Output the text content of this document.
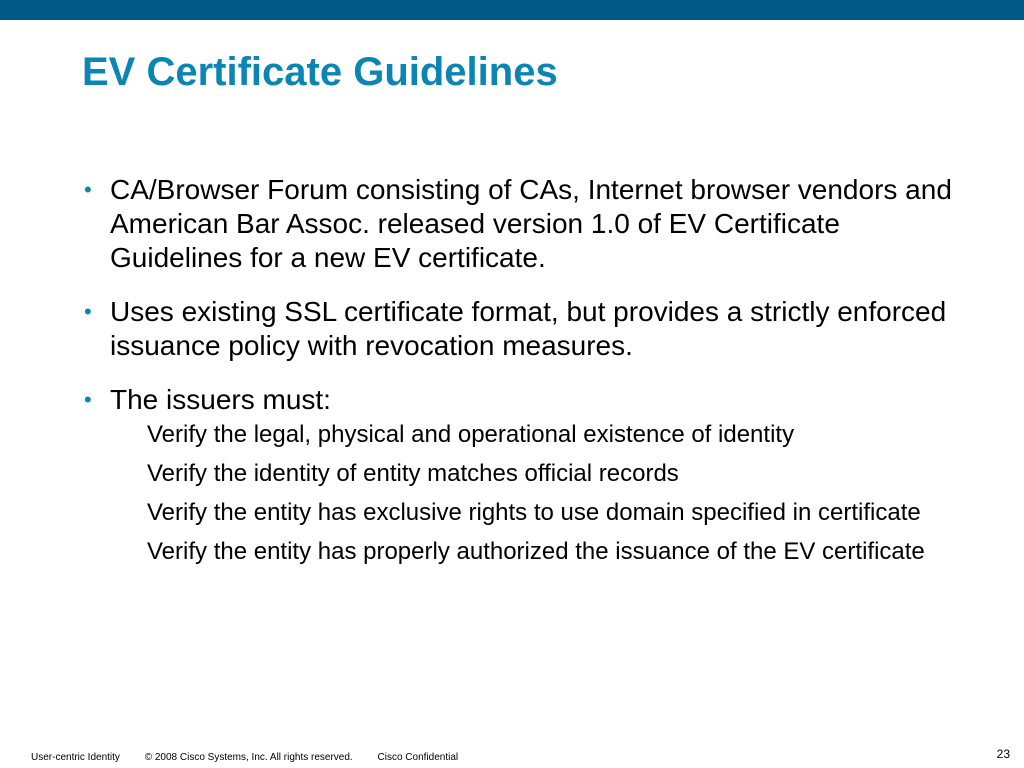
EV Certificate Guidelines
• CA/Browser Forum consisting of CAs, Internet browser vendors and American Bar Assoc. released version 1.0 of EV Certificate Guidelines for a new EV certificate.
• Uses existing SSL certificate format, but provides a strictly enforced issuance policy with revocation measures.
• The issuers must:
Verify the legal, physical and operational existence of identity
Verify the identity of entity matches official records
Verify the entity has exclusive rights to use domain specified in certificate
Verify the entity has properly authorized the issuance of the EV certificate
User-centric Identity © 2008 Cisco Systems, Inc. All rights reserved. Cisco Confidential	23
